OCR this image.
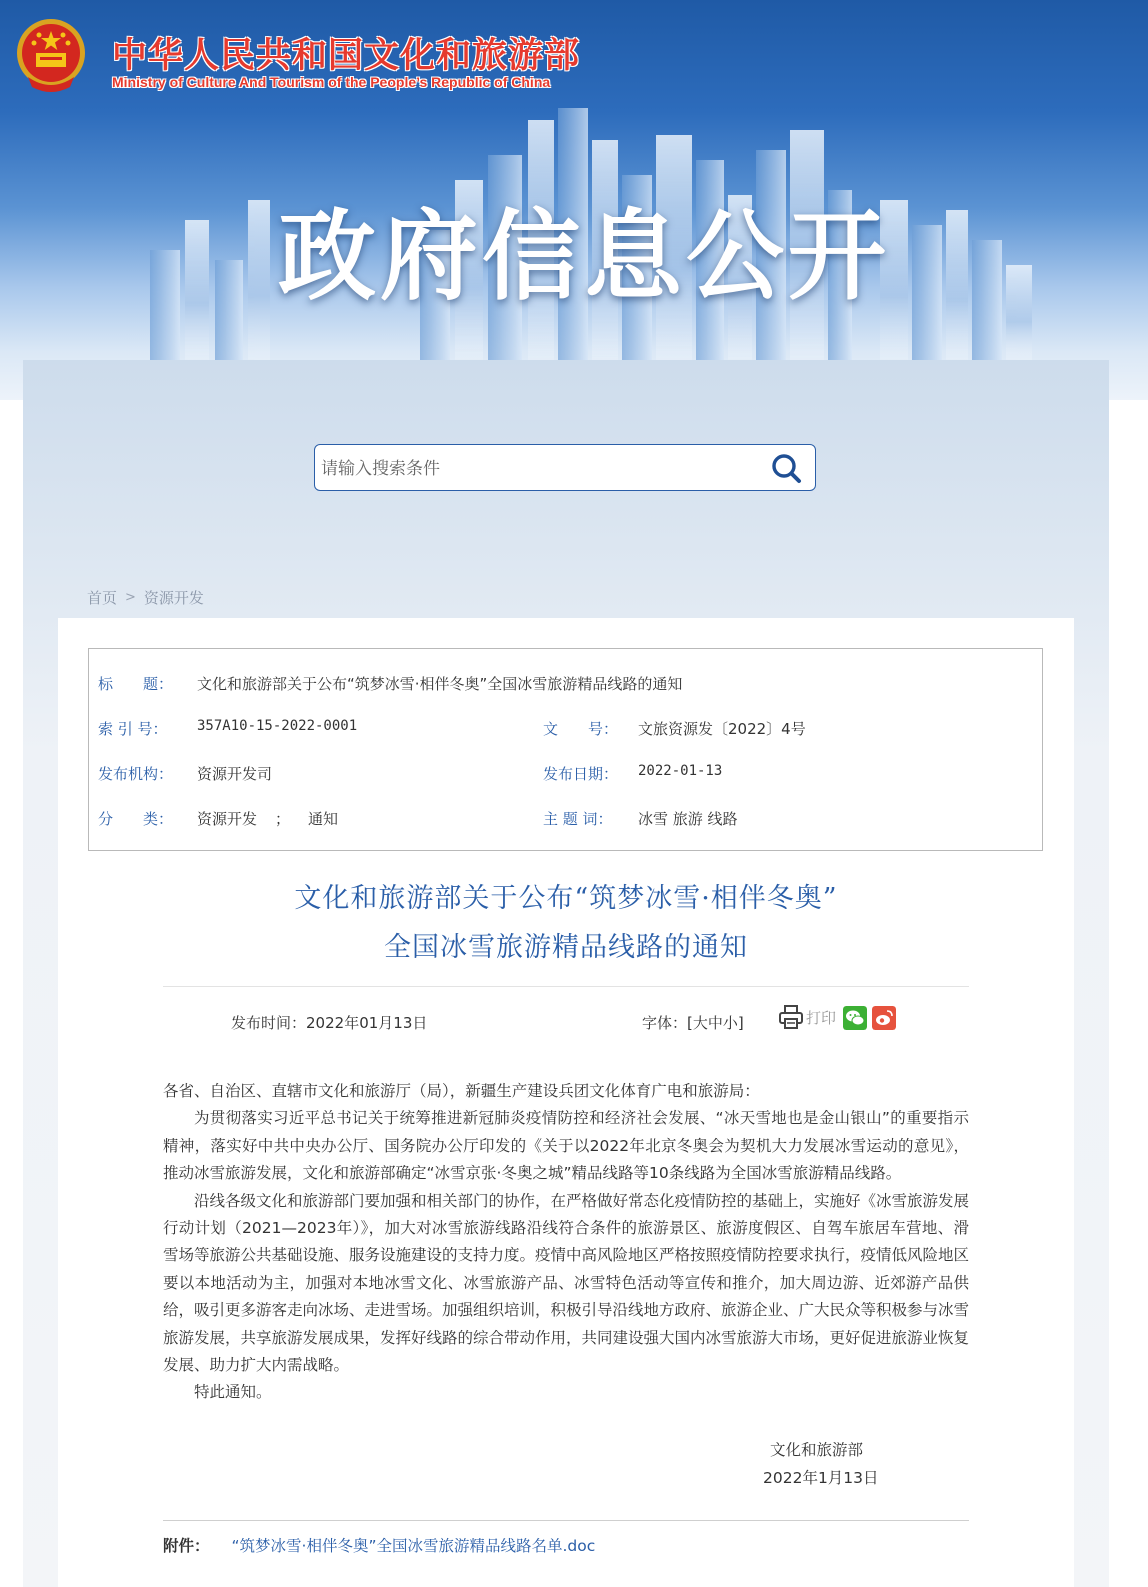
中华人民共和国文化和旅游部
Ministry of Culture And Tourism of the People’s Republic of China
政府信息公开
请输入搜索条件
首页 > 资源开发
标　　题： 文化和旅游部关于公布“筑梦冰雪·相伴冬奥”全国冰雪旅游精品线路的通知
索 引 号： 357A10-15-2022-0001	文　　号： 文旅资源发〔2022〕4号
发布机构： 资源开发司	发布日期： 2022-01-13
分　　类： 资源开发 ； 通知	主 题 词： 冰雪 旅游 线路
文化和旅游部关于公布“筑梦冰雪·相伴冬奥”
全国冰雪旅游精品线路的通知
发布时间：2022年01月13日	字体：[大中小]	打印

各省、自治区、直辖市文化和旅游厅（局），新疆生产建设兵团文化体育广电和旅游局：

为贯彻落实习近平总书记关于统筹推进新冠肺炎疫情防控和经济社会发展、“冰天雪地也是金山银山”的重要指示精神，落实好中共中央办公厅、国务院办公厅印发的《关于以2022年北京冬奥会为契机大力发展冰雪运动的意见》，推动冰雪旅游发展，文化和旅游部确定“冰雪京张·冬奥之城”精品线路等10条线路为全国冰雪旅游精品线路。

沿线各级文化和旅游部门要加强和相关部门的协作，在严格做好常态化疫情防控的基础上，实施好《冰雪旅游发展行动计划（2021—2023年）》，加大对冰雪旅游线路沿线符合条件的旅游景区、旅游度假区、自驾车旅居车营地、滑雪场等旅游公共基础设施、服务设施建设的支持力度。疫情中高风险地区严格按照疫情防控要求执行，疫情低风险地区要以本地活动为主，加强对本地冰雪文化、冰雪旅游产品、冰雪特色活动等宣传和推介，加大周边游、近郊游产品供给，吸引更多游客走向冰场、走进雪场。加强组织培训，积极引导沿线地方政府、旅游企业、广大民众等积极参与冰雪旅游发展，共享旅游发展成果，发挥好线路的综合带动作用，共同建设强大国内冰雪旅游大市场，更好促进旅游业恢复发展、助力扩大内需战略。

特此通知。

文化和旅游部
2022年1月13日
附件： “筑梦冰雪·相伴冬奥”全国冰雪旅游精品线路名单.doc
